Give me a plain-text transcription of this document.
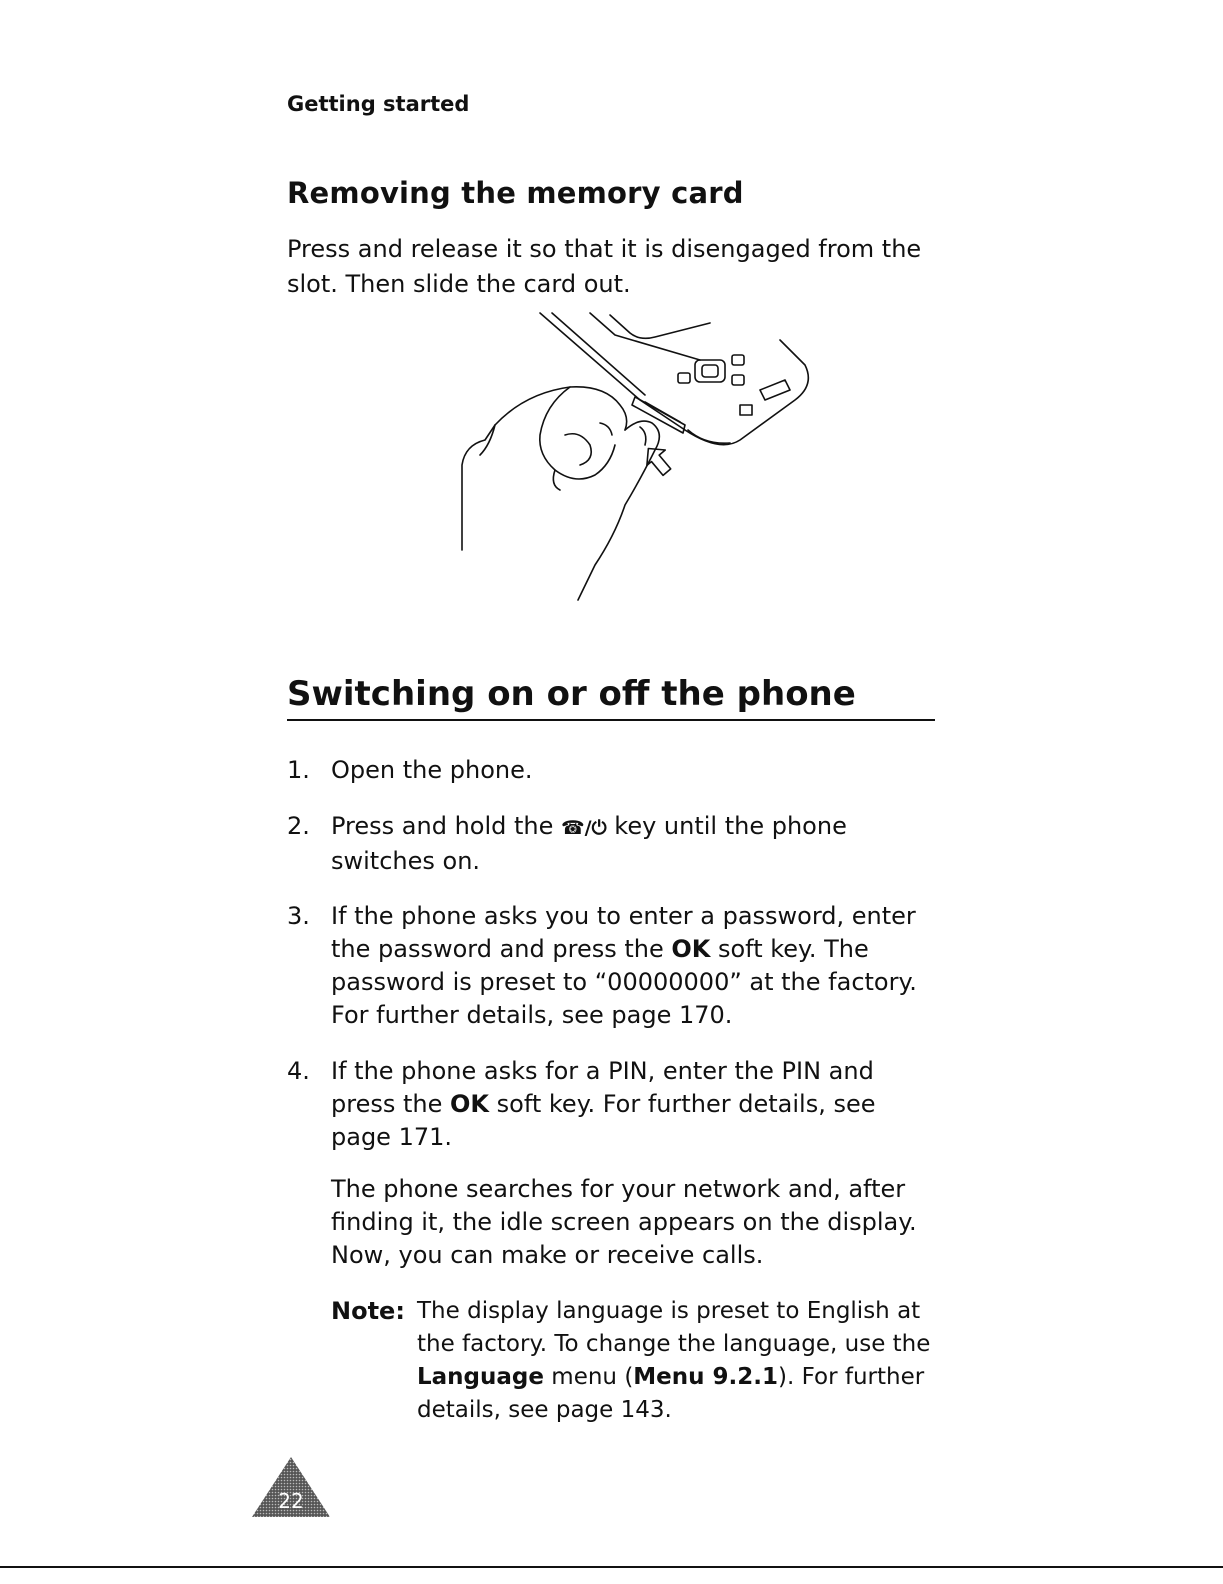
Getting started
Removing the memory card
Press and release it so that it is disengaged from the slot. Then slide the card out.
Switching on or off the phone
1. Open the phone.
2. Press and hold the ☎/⏻ key until the phone switches on.
3. If the phone asks you to enter a password, enter the password and press the OK soft key. The password is preset to “00000000” at the factory. For further details, see page 170.
4. If the phone asks for a PIN, enter the PIN and press the OK soft key. For further details, see page 171.
The phone searches for your network and, after finding it, the idle screen appears on the display. Now, you can make or receive calls.
Note: The display language is preset to English at the factory. To change the language, use the Language menu (Menu 9.2.1). For further details, see page 143.
22
